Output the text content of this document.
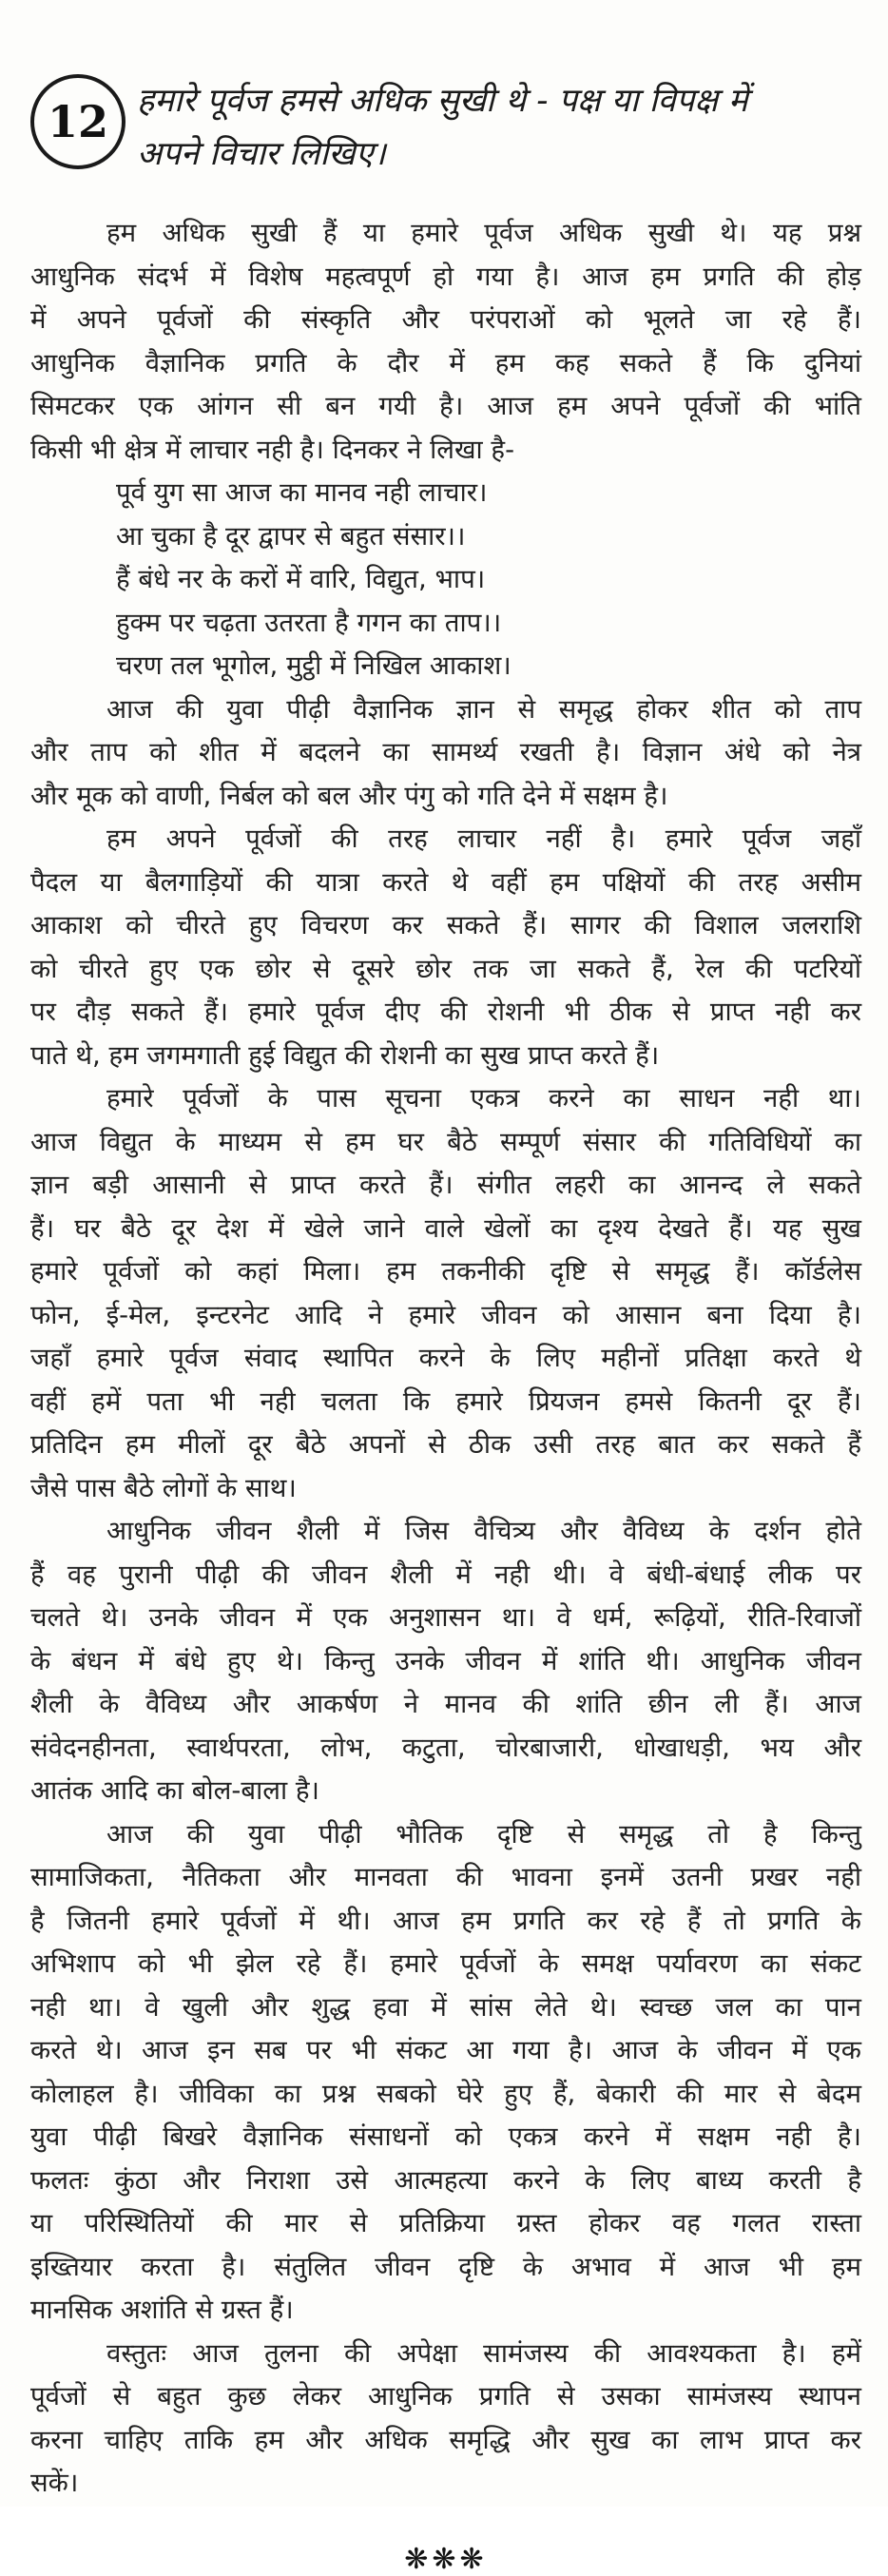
12 हमारे पूर्वज हमसे अधिक सुखी थे - पक्ष या विपक्ष में
अपने विचार लिखिए।
हम अधिक सुखी हैं या हमारे पूर्वज अधिक सुखी थे। यह प्रश्न
आधुनिक संदर्भ में विशेष महत्वपूर्ण हो गया है। आज हम प्रगति की होड़
में अपने पूर्वजों की संस्कृति और परंपराओं को भूलते जा रहे हैं।
आधुनिक वैज्ञानिक प्रगति के दौर में हम कह सकते हैं कि दुनियां
सिमटकर एक आंगन सी बन गयी है। आज हम अपने पूर्वजों की भांति
किसी भी क्षेत्र में लाचार नही है। दिनकर ने लिखा है-
पूर्व युग सा आज का मानव नही लाचार।
आ चुका है दूर द्वापर से बहुत संसार।।
हैं बंधे नर के करों में वारि, विद्युत, भाप।
हुक्म पर चढ़ता उतरता है गगन का ताप।।
चरण तल भूगोल, मुट्ठी में निखिल आकाश।
आज की युवा पीढ़ी वैज्ञानिक ज्ञान से समृद्ध होकर शीत को ताप
और ताप को शीत में बदलने का सामर्थ्य रखती है। विज्ञान अंधे को नेत्र
और मूक को वाणी, निर्बल को बल और पंगु को गति देने में सक्षम है।
हम अपने पूर्वजों की तरह लाचार नहीं है। हमारे पूर्वज जहाँ
पैदल या बैलगाड़ियों की यात्रा करते थे वहीं हम पक्षियों की तरह असीम
आकाश को चीरते हुए विचरण कर सकते हैं। सागर की विशाल जलराशि
को चीरते हुए एक छोर से दूसरे छोर तक जा सकते हैं, रेल की पटरियों
पर दौड़ सकते हैं। हमारे पूर्वज दीए की रोशनी भी ठीक से प्राप्त नही कर
पाते थे, हम जगमगाती हुई विद्युत की रोशनी का सुख प्राप्त करते हैं।
हमारे पूर्वजों के पास सूचना एकत्र करने का साधन नही था।
आज विद्युत के माध्यम से हम घर बैठे सम्पूर्ण संसार की गतिविधियों का
ज्ञान बड़ी आसानी से प्राप्त करते हैं। संगीत लहरी का आनन्द ले सकते
हैं। घर बैठे दूर देश में खेले जाने वाले खेलों का दृश्य देखते हैं। यह सुख
हमारे पूर्वजों को कहां मिला। हम तकनीकी दृष्टि से समृद्ध हैं। कॉर्डलेस
फोन, ई-मेल, इन्टरनेट आदि ने हमारे जीवन को आसान बना दिया है।
जहाँ हमारे पूर्वज संवाद स्थापित करने के लिए महीनों प्रतिक्षा करते थे
वहीं हमें पता भी नही चलता कि हमारे प्रियजन हमसे कितनी दूर हैं।
प्रतिदिन हम मीलों दूर बैठे अपनों से ठीक उसी तरह बात कर सकते हैं
जैसे पास बैठे लोगों के साथ।
आधुनिक जीवन शैली में जिस वैचित्र्य और वैविध्य के दर्शन होते
हैं वह पुरानी पीढ़ी की जीवन शैली में नही थी। वे बंधी-बंधाई लीक पर
चलते थे। उनके जीवन में एक अनुशासन था। वे धर्म, रूढ़ियों, रीति-रिवाजों
के बंधन में बंधे हुए थे। किन्तु उनके जीवन में शांति थी। आधुनिक जीवन
शैली के वैविध्य और आकर्षण ने मानव की शांति छीन ली हैं। आज
संवेदनहीनता, स्वार्थपरता, लोभ, कटुता, चोरबाजारी, धोखाधड़ी, भय और
आतंक आदि का बोल-बाला है।
आज की युवा पीढ़ी भौतिक दृष्टि से समृद्ध तो है किन्तु
सामाजिकता, नैतिकता और मानवता की भावना इनमें उतनी प्रखर नही
है जितनी हमारे पूर्वजों में थी। आज हम प्रगति कर रहे हैं तो प्रगति के
अभिशाप को भी झेल रहे हैं। हमारे पूर्वजों के समक्ष पर्यावरण का संकट
नही था। वे खुली और शुद्ध हवा में सांस लेते थे। स्वच्छ जल का पान
करते थे। आज इन सब पर भी संकट आ गया है। आज के जीवन में एक
कोलाहल है। जीविका का प्रश्न सबको घेरे हुए हैं, बेकारी की मार से बेदम
युवा पीढ़ी बिखरे वैज्ञानिक संसाधनों को एकत्र करने में सक्षम नही है।
फलतः कुंठा और निराशा उसे आत्महत्या करने के लिए बाध्य करती है
या परिस्थितियों की मार से प्रतिक्रिया ग्रस्त होकर वह गलत रास्ता
इख्तियार करता है। संतुलित जीवन दृष्टि के अभाव में आज भी हम
मानसिक अशांति से ग्रस्त हैं।
वस्तुतः आज तुलना की अपेक्षा सामंजस्य की आवश्यकता है। हमें
पूर्वजों से बहुत कुछ लेकर आधुनिक प्रगति से उसका सामंजस्य स्थापन
करना चाहिए ताकि हम और अधिक समृद्धि और सुख का लाभ प्राप्त कर
सकें।
❋❋❋
